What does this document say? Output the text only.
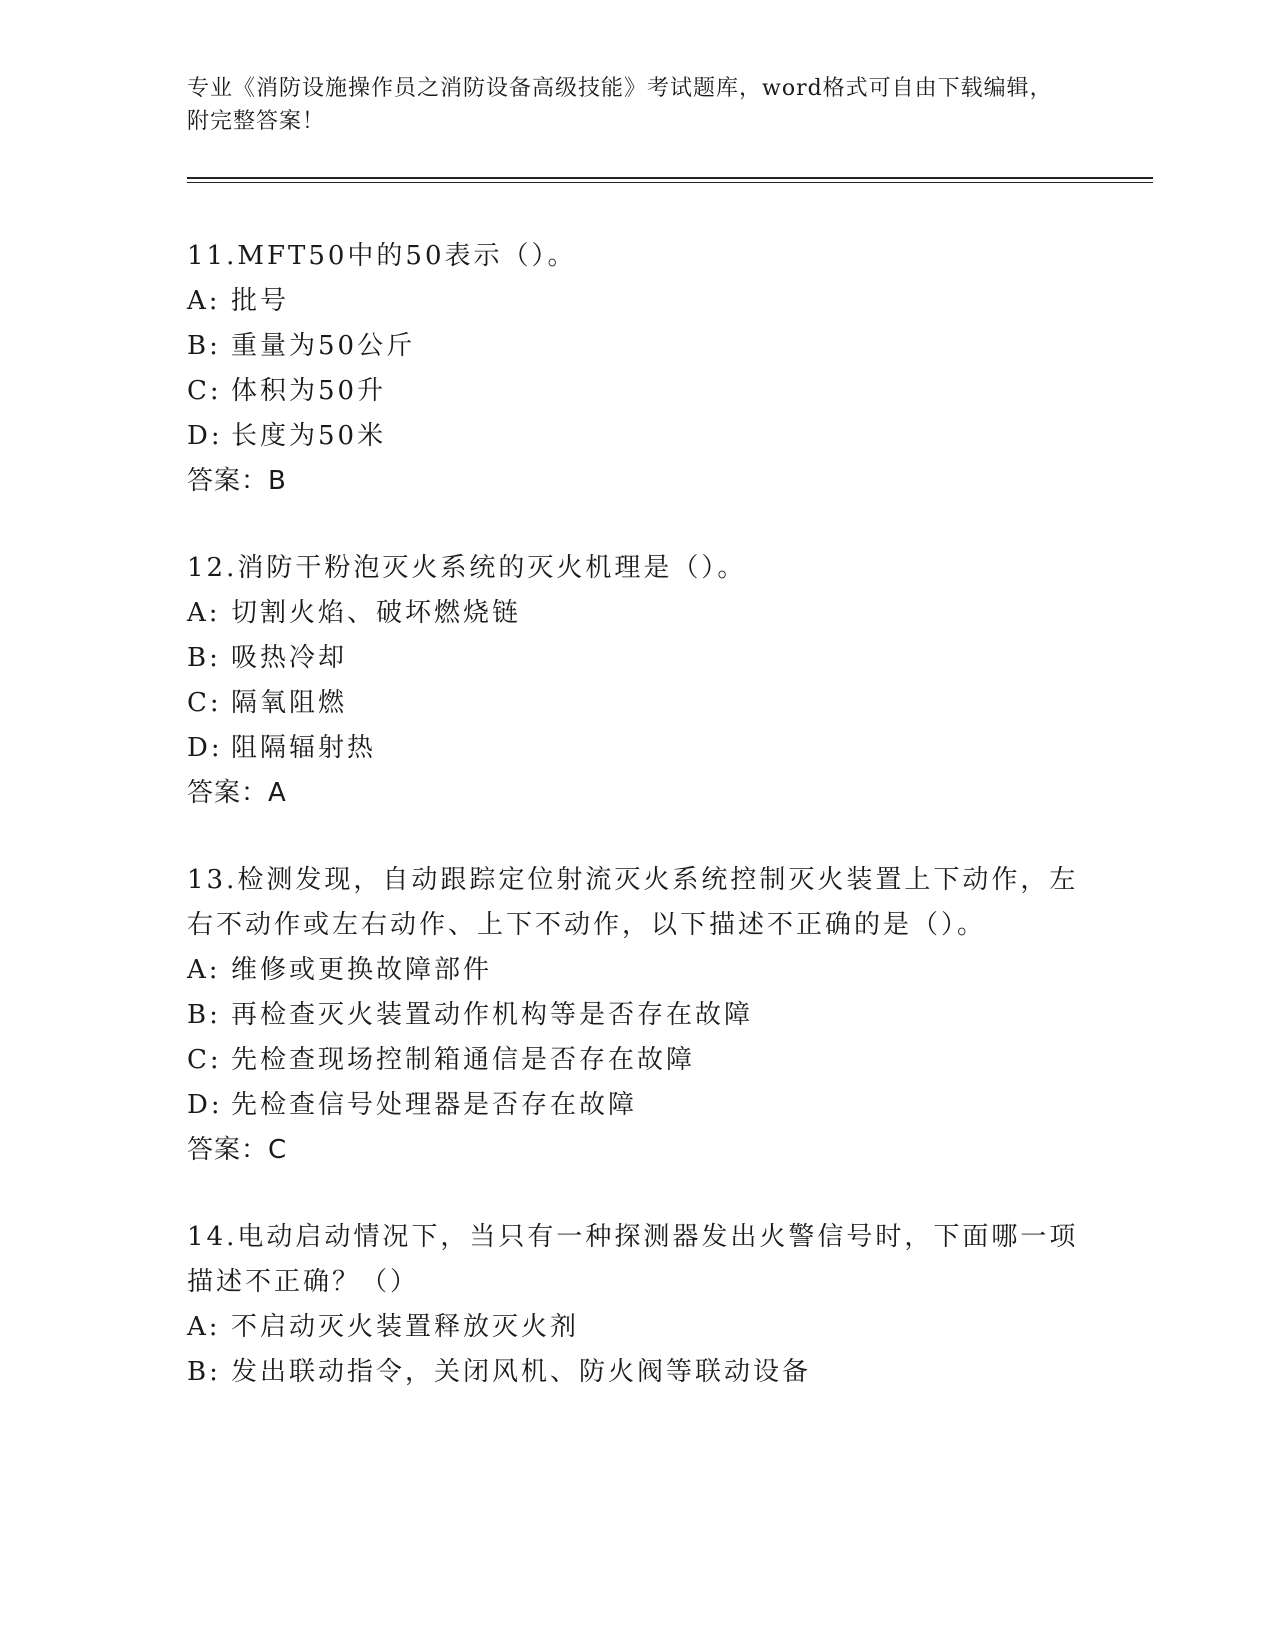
专业《消防设施操作员之消防设备高级技能》考试题库，word格式可自由下载编辑，附完整答案！
11.MFT50中的50表示（）。
A: 批号
B: 重量为50公斤
C: 体积为50升
D: 长度为50米
答案：B
12.消防干粉泡灭火系统的灭火机理是（）。
A: 切割火焰、破坏燃烧链
B: 吸热冷却
C: 隔氧阻燃
D: 阻隔辐射热
答案：A
13.检测发现，自动跟踪定位射流灭火系统控制灭火装置上下动作，左右不动作或左右动作、上下不动作，以下描述不正确的是（）。
A: 维修或更换故障部件
B: 再检查灭火装置动作机构等是否存在故障
C: 先检查现场控制箱通信是否存在故障
D: 先检查信号处理器是否存在故障
答案：C
14.电动启动情况下，当只有一种探测器发出火警信号时，下面哪一项描述不正确？（）
A: 不启动灭火装置释放灭火剂
B: 发出联动指令，关闭风机、防火阀等联动设备
